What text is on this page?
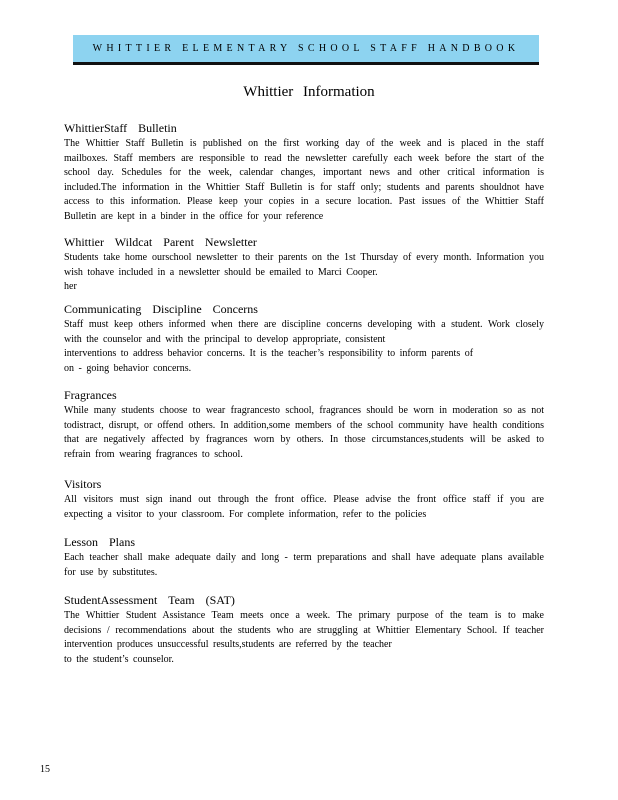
WHITTIER ELEMENTARY SCHOOL STAFF HANDBOOK
Whittier Information
WhittierStaff Bulletin

The Whittier Staff Bulletin is published on the first working day of the week and is placed in the staff mailboxes. Staff members are responsible to read the newsletter carefully each week before the start of the school day. Schedules for the week, calendar changes, important news and other critical information is included.The information in the Whittier Staff Bulletin is for staff only; students and parents shouldnot have access to this information. Please keep your copies in a secure location. Past issues of the Whittier Staff Bulletin are kept in a binder in the office for your reference

Whittier Wildcat Parent Newsletter

Students take home ourschool newsletter to their parents on the 1st Thursday of every month. Information you wish tohave included in a newsletter should be emailed to Marci Cooper.

her

Communicating Discipline Concerns

Staff must keep others informed when there are discipline concerns developing with a student. Work closely with the counselor and with the principal to develop appropriate, consistent

interventions to address behavior concerns. It is the teacher’s responsibility to inform parents of

on - going behavior concerns.

Fragrances

While many students choose to wear fragrancesto school, fragrances should be worn in moderation so as not todistract, disrupt, or offend others. In addition,some members of the school community have health conditions that are negatively affected by fragrances worn by others. In those circumstances,students will be asked to refrain from wearing fragrances to school.

Visitors

All visitors must sign inand out through the front office. Please advise the front office staff if you are expecting a visitor to your classroom. For complete information, refer to the policies

Lesson Plans

Each teacher shall make adequate daily and long - term preparations and shall have adequate plans available for use by substitutes.

StudentAssessment Team (SAT)

The Whittier Student Assistance Team meets once a week. The primary purpose of the team is to make decisions / recommendations about the students who are struggling at Whittier Elementary School. If teacher intervention produces unsuccessful results,students are referred by the teacher

to the student’s counselor.

15
